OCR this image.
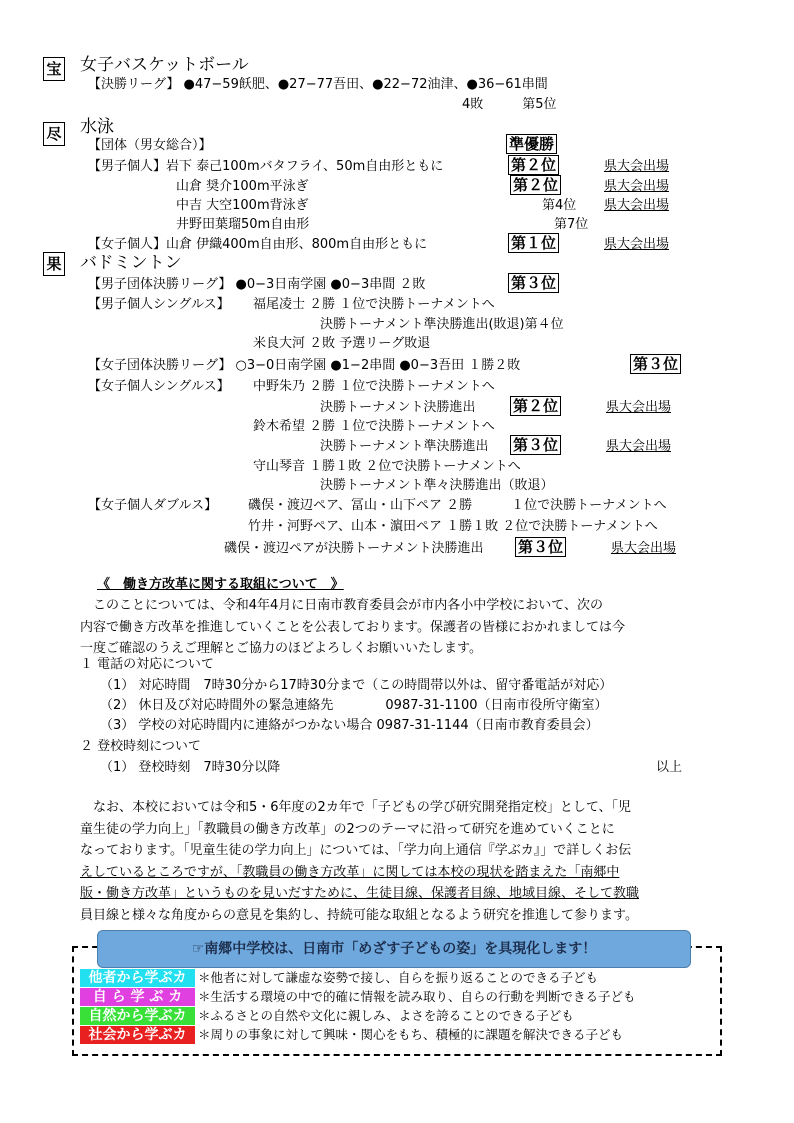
宝 女子バスケットボール
【決勝リーグ】 ●47−59飫肥、●27−77吾田、●22−72油津、●36−61串間
4敗　　　第5位
尽 水泳
【団体（男女総合）】	準優勝
【男子個人】岩下 泰己100mバタフライ、50m自由形ともに	第２位	県大会出場
山倉 奨介100m平泳ぎ	第２位	県大会出場
中吉 大空100m背泳ぎ	第4位 県大会出場
井野田葉瑠50m自由形	第7位
【女子個人】山倉 伊織400m自由形、800m自由形ともに	第１位	県大会出場
果 バドミントン
【男子団体決勝リーグ】 ●0−3日南学園 ●0−3串間 ２敗	第３位
【男子個人シングルス】 福尾凌士 ２勝 １位で決勝トーナメントへ
決勝トーナメント準決勝進出(敗退)第４位
米良大河 ２敗 予選リーグ敗退
【女子団体決勝リーグ】 ○3−0日南学園 ●1−2串間 ●0−3吾田 １勝２敗	第３位
【女子個人シングルス】 中野朱乃 ２勝 １位で決勝トーナメントへ
決勝トーナメント決勝進出	第２位	県大会出場
鈴木希望 ２勝 １位で決勝トーナメントへ
決勝トーナメント準決勝進出 第３位	県大会出場
守山琴音 １勝１敗 ２位で決勝トーナメントへ
決勝トーナメント準々決勝進出（敗退）
【女子個人ダブルス】 磯俣・渡辺ペア、冨山・山下ペア ２勝　　　１位で決勝トーナメントへ
竹井・河野ペア、山本・濵田ペア １勝１敗 ２位で決勝トーナメントへ
磯俣・渡辺ペアが決勝トーナメント決勝進出 第３位	県大会出場
《　働き方改革に関する取組について　》

　このことについては、令和4年4月に日南市教育委員会が市内各小中学校において、次の

内容で働き方改革を推進していくことを公表しております。保護者の皆様におかれましては今

一度ご確認のうえご理解とご協力のほどよろしくお願いいたします。

１ 電話の対応について
（1） 対応時間　7時30分から17時30分まで（この時間帯以外は、留守番電話が対応）
（2） 休日及び対応時間外の緊急連絡先　　　　0987-31-1100（日南市役所守衛室）
（3） 学校の対応時間内に連絡がつかない場合 0987-31-1144（日南市教育委員会）
２ 登校時刻について
（1） 登校時刻　7時30分以降	以上

　なお、本校においては令和5・6年度の2カ年で「子どもの学び研究開発指定校」として、「児

童生徒の学力向上」「教職員の働き方改革」の2つのテーマに沿って研究を進めていくことに

なっております。「児童生徒の学力向上」については、「学力向上通信『学ぶカ』」で詳しくお伝

えしているところですが、「教職員の働き方改革」に関しては本校の現状を踏まえた「南郷中

版・働き方改革」というものを見いだすために、生徒目線、保護者目線、地域目線、そして教職

員目線と様々な角度からの意見を集約し、持続可能な取組となるよう研究を推進して参ります。

☞南郷中学校は、日南市「めざす子どもの姿」を具現化します！
他者から学ぶカ ＊他者に対して謙虚な姿勢で接し、自らを振り返ることのできる子ども
自 ら 学 ぶ カ	＊生活する環境の中で的確に情報を読み取り、自らの行動を判断できる子ども
自然から学ぶカ ＊ふるさとの自然や文化に親しみ、よさを誇ることのできる子ども
社会から学ぶカ ＊周りの事象に対して興味・関心をもち、積極的に課題を解決できる子ども
